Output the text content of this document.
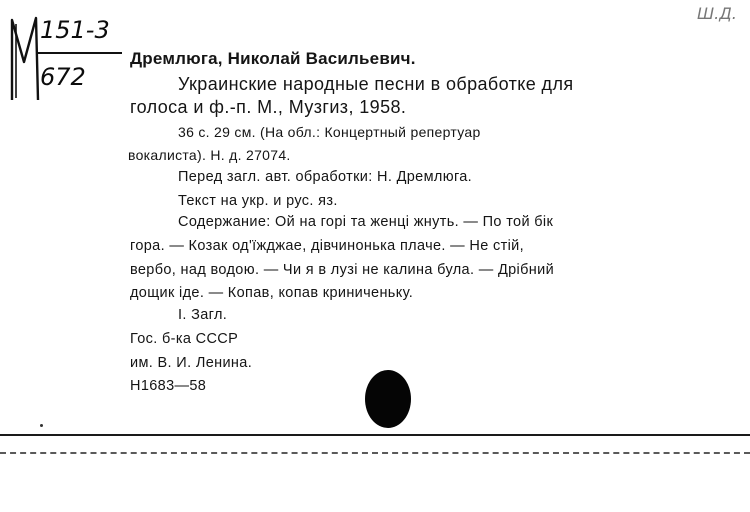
151-3
672
Ш.Д.
Дремлюга, Николай Васильевич.
Украинские народные песни в обработке для
голоса и ф.-п. М., Музгиз, 1958.
36 с. 29 см. (На обл.: Концертный репертуар
вокалиста). Н. д. 27074.
Перед загл. авт. обработки: Н. Дремлюга.
Текст на укр. и рус. яз.
Содержание: Ой на горі та женці жнуть. — По той бік
гора. — Козак од'їжджае, дівчинонька плаче. — Не стій,
вербо, над водою. — Чи я в лузі не калина була. — Дрібний
дощик іде. — Копав, копав криниченьку.
I. Загл.
Гос. б-ка СССР
им. В. И. Ленина.
Н1683—58
